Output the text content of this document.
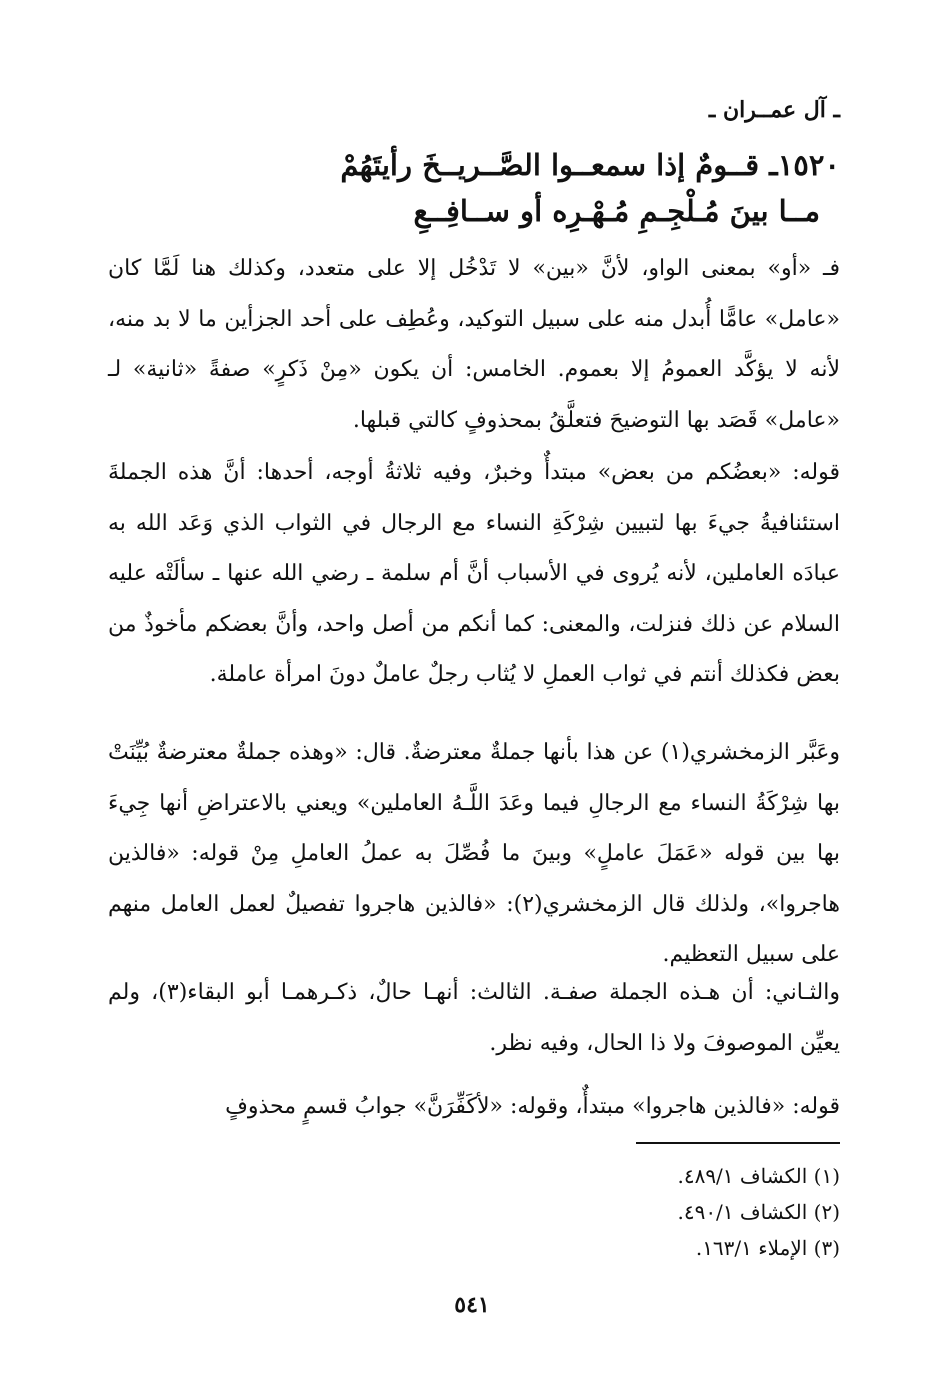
ـ آل عمــران ـ
١٥٢٠ـ قــومٌ إذا سمعــوا الصَّــريــخَ رأيتَهُمْ
مــا بينَ مُـلْجِـمِ مُـهْـرِه أو ســافِــعِ

فـ «أو» بمعنى الواو، لأنَّ «بين» لا تَدْخُل إلا على متعدد، وكذلك هنا لَمَّا كان «عامل» عامًّا أُبدل منه على سبيل التوكيد، وعُطِف على أحد الجزأين ما لا بد منه، لأنه لا يؤكَّد العمومُ إلا بعموم. الخامس: أن يكون «مِنْ ذَكرٍ» صفةً «ثانية» لـ «عامل» قَصَد بها التوضيحَ فتعلَّقُ بمحذوفٍ كالتي قبلها.

قوله: «بعضُكم من بعض» مبتدأٌ وخبرٌ، وفيه ثلاثةُ أوجه، أحدها: أنَّ هذه الجملةَ استئنافيةُ جيءَ بها لتبيين شِرْكَةِ النساء مع الرجال في الثواب الذي وَعَد الله به عبادَه العاملين، لأنه يُروى في الأسباب أنَّ أم سلمة ـ رضي الله عنها ـ سألَتْه عليه السلام عن ذلك فنزلت، والمعنى: كما أنكم من أصل واحد، وأنَّ بعضكم مأخوذٌ من بعض فكذلك أنتم في ثواب العملِ لا يُثاب رجلٌ عاملٌ دونَ امرأة عاملة.

وعَبَّر الزمخشري(١) عن هذا بأنها جملةٌ معترضةٌ. قال: «وهذه جملةٌ معترضةٌ بُيِّنَتْ بها شِرْكَةُ النساء مع الرجالِ فيما وعَدَ اللَّـهُ العاملين» ويعني بالاعتراضِ أنها جِيءَ بها بين قوله «عَمَلَ عاملٍ» وبينَ ما فُصِّلَ به عملُ العاملِ مِنْ قوله: «فالذين هاجروا»، ولذلك قال الزمخشري(٢): «فالذين هاجروا تفصيلٌ لعمل العامل منهم على سبيل التعظيم.

والثـاني: أن هـذه الجملة صفـة. الثالث: أنهـا حالٌ، ذكـرهمـا أبو البقاء(٣)، ولم يعيِّن الموصوفَ ولا ذا الحال، وفيه نظر.

قوله: «فالذين هاجروا» مبتدأٌ، وقوله: «لأكَفِّرَنَّ» جوابُ قسمٍ محذوفٍ

(١) الكشاف ٤٨٩/١.
(٢) الكشاف ٤٩٠/١.
(٣) الإملاء ١٦٣/١.
٥٤١
